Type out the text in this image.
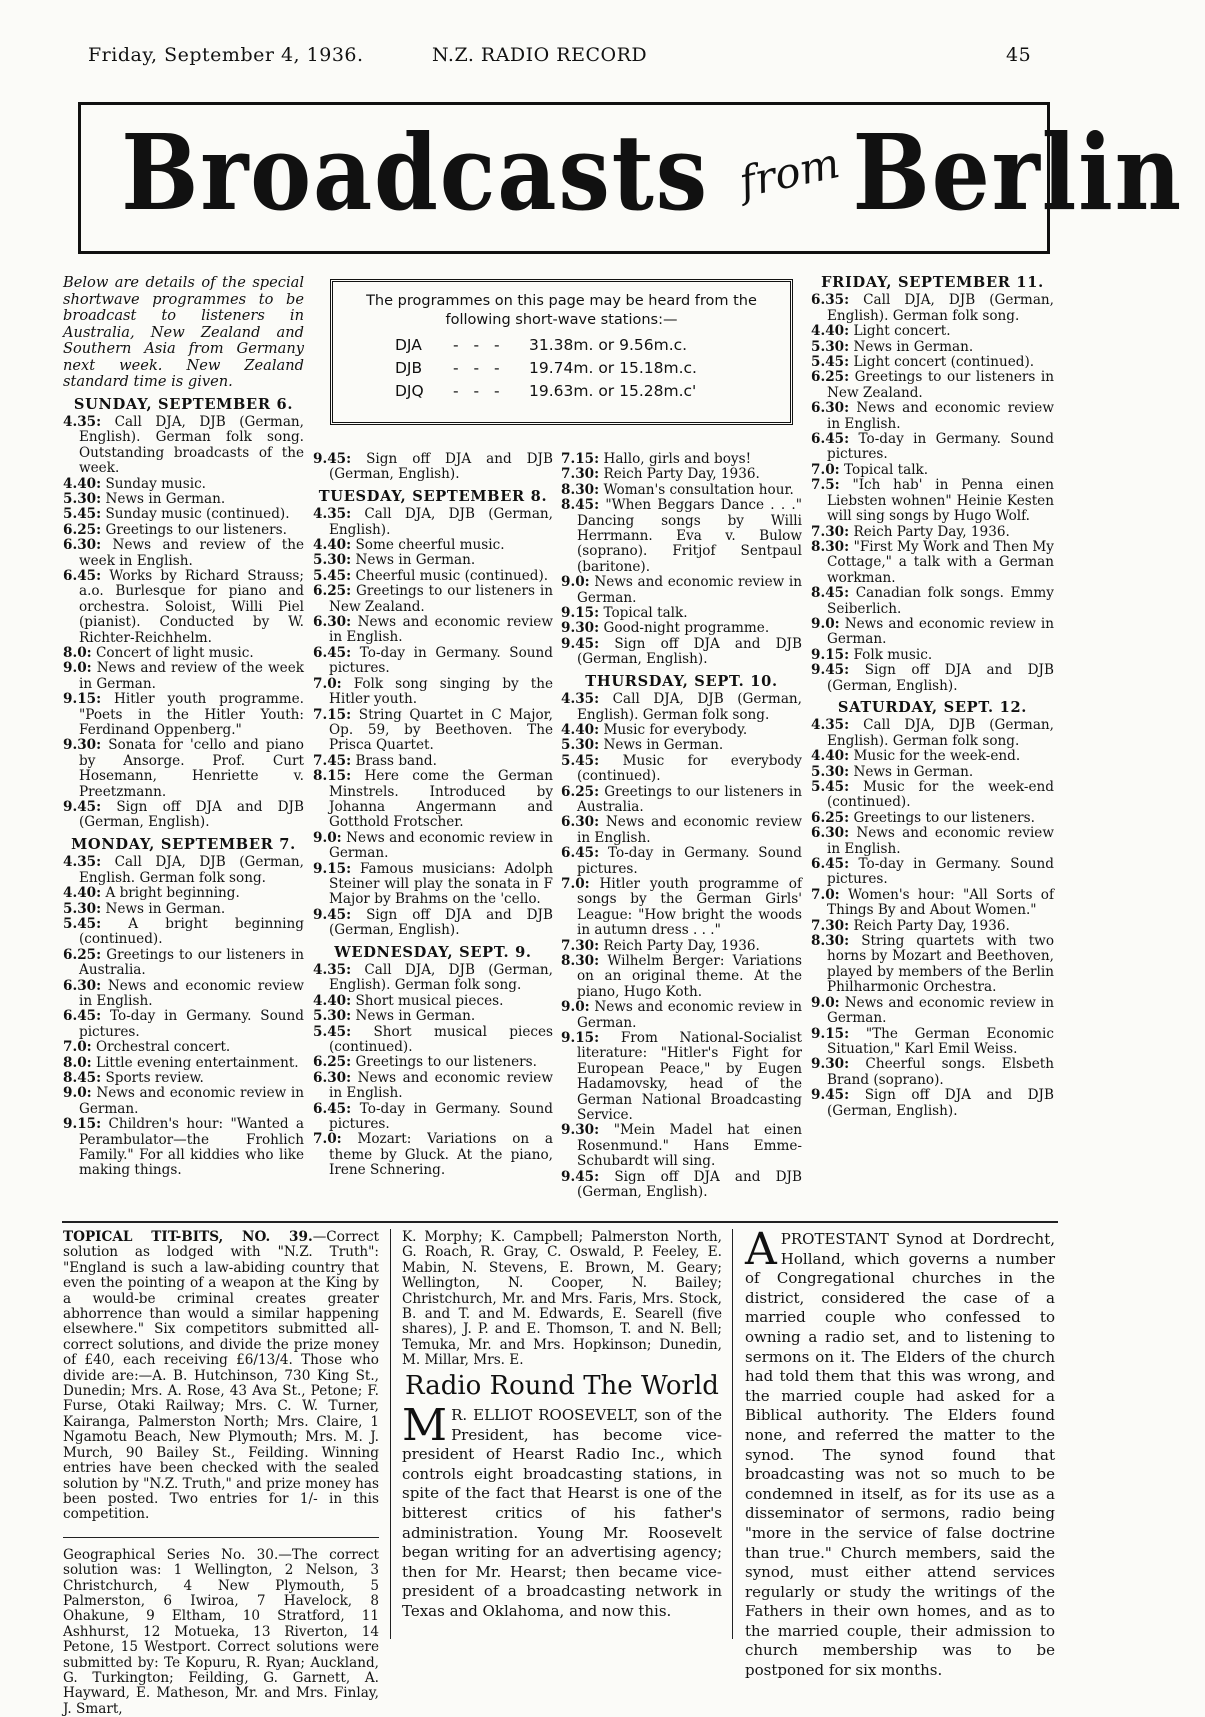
Friday, September 4, 1936.	N.Z. RADIO RECORD	45
Broadcasts fromBerlin
The programmes on this page may be heard from the following short-wave stations:—
DJA - - - 31.38m. or 9.56m.c.
DJB - - - 19.74m. or 15.18m.c.
DJQ - - - 19.63m. or 15.28m.c'
Below are details of the special shortwave programmes to be broadcast to listeners in Australia, New Zealand and Southern Asia from Germany next week. New Zealand standard time is given.
SUNDAY, SEPTEMBER 6.

4.35: Call DJA, DJB (German, English). German folk song. Outstanding broadcasts of the week.

4.40: Sunday music.

5.30: News in German.

5.45: Sunday music (continued).

6.25: Greetings to our listeners.

6.30: News and review of the week in English.

6.45: Works by Richard Strauss; a.o. Burlesque for piano and orchestra. Soloist, Willi Piel (pianist). Conducted by W. Richter-Reichhelm.

8.0: Concert of light music.

9.0: News and review of the week in German.

9.15: Hitler youth programme. "Poets in the Hitler Youth: Ferdinand Oppenberg."

9.30: Sonata for 'cello and piano by Ansorge. Prof. Curt Hosemann, Henriette v. Preetzmann.

9.45: Sign off DJA and DJB (German, English).

MONDAY, SEPTEMBER 7.

4.35: Call DJA, DJB (German, English. German folk song.

4.40: A bright beginning.

5.30: News in German.

5.45: A bright beginning (continued).

6.25: Greetings to our listeners in Australia.

6.30: News and economic review in English.

6.45: To-day in Germany. Sound pictures.

7.0: Orchestral concert.

8.0: Little evening entertainment.

8.45: Sports review.

9.0: News and economic review in German.

9.15: Children's hour: "Wanted a Perambulator—the Frohlich Family." For all kiddies who like making things.

9.45: Sign off DJA and DJB (German, English).

TUESDAY, SEPTEMBER 8.

4.35: Call DJA, DJB (German, English).

4.40: Some cheerful music.

5.30: News in German.

5.45: Cheerful music (continued).

6.25: Greetings to our listeners in New Zealand.

6.30: News and economic review in English.

6.45: To-day in Germany. Sound pictures.

7.0: Folk song singing by the Hitler youth.

7.15: String Quartet in C Major, Op. 59, by Beethoven. The Prisca Quartet.

7.45: Brass band.

8.15: Here come the German Minstrels. Introduced by Johanna Angermann and Gotthold Frotscher.

9.0: News and economic review in German.

9.15: Famous musicians: Adolph Steiner will play the sonata in F Major by Brahms on the 'cello.

9.45: Sign off DJA and DJB (German, English).

WEDNESDAY, SEPT. 9.

4.35: Call DJA, DJB (German, English). German folk song.

4.40: Short musical pieces.

5.30: News in German.

5.45: Short musical pieces (continued).

6.25: Greetings to our listeners.

6.30: News and economic review in English.

6.45: To-day in Germany. Sound pictures.

7.0: Mozart: Variations on a theme by Gluck. At the piano, Irene Schnering.

7.15: Hallo, girls and boys!

7.30: Reich Party Day, 1936.

8.30: Woman's consultation hour.

8.45: "When Beggars Dance . . ." Dancing songs by Willi Herrmann. Eva v. Bulow (soprano). Fritjof Sentpaul (baritone).

9.0: News and economic review in German.

9.15: Topical talk.

9.30: Good-night programme.

9.45: Sign off DJA and DJB (German, English).

THURSDAY, SEPT. 10.

4.35: Call DJA, DJB (German, English). German folk song.

4.40: Music for everybody.

5.30: News in German.

5.45: Music for everybody (continued).

6.25: Greetings to our listeners in Australia.

6.30: News and economic review in English.

6.45: To-day in Germany. Sound pictures.

7.0: Hitler youth programme of songs by the German Girls' League: "How bright the woods in autumn dress . . ."

7.30: Reich Party Day, 1936.

8.30: Wilhelm Berger: Variations on an original theme. At the piano, Hugo Koth.

9.0: News and economic review in German.

9.15: From National-Socialist literature: "Hitler's Fight for European Peace," by Eugen Hadamovsky, head of the German National Broadcasting Service.

9.30: "Mein Madel hat einen Rosenmund." Hans Emme-Schubardt will sing.

9.45: Sign off DJA and DJB (German, English).

FRIDAY, SEPTEMBER 11.

6.35: Call DJA, DJB (German, English). German folk song.

4.40: Light concert.

5.30: News in German.

5.45: Light concert (continued).

6.25: Greetings to our listeners in New Zealand.

6.30: News and economic review in English.

6.45: To-day in Germany. Sound pictures.

7.0: Topical talk.

7.5: "Ich hab' in Penna einen Liebsten wohnen" Heinie Kesten will sing songs by Hugo Wolf.

7.30: Reich Party Day, 1936.

8.30: "First My Work and Then My Cottage," a talk with a German workman.

8.45: Canadian folk songs. Emmy Seiberlich.

9.0: News and economic review in German.

9.15: Folk music.

9.45: Sign off DJA and DJB (German, English).

SATURDAY, SEPT. 12.

4.35: Call DJA, DJB (German, English). German folk song.

4.40: Music for the week-end.

5.30: News in German.

5.45: Music for the week-end (continued).

6.25: Greetings to our listeners.

6.30: News and economic review in English.

6.45: To-day in Germany. Sound pictures.

7.0: Women's hour: "All Sorts of Things By and About Women."

7.30: Reich Party Day, 1936.

8.30: String quartets with two horns by Mozart and Beethoven, played by members of the Berlin Philharmonic Orchestra.

9.0: News and economic review in German.

9.15: "The German Economic Situation," Karl Emil Weiss.

9.30: Cheerful songs. Elsbeth Brand (soprano).

9.45: Sign off DJA and DJB (German, English).

TOPICAL TIT-BITS, NO. 39.—Correct solution as lodged with "N.Z. Truth": "England is such a law-abiding country that even the pointing of a weapon at the King by a would-be criminal creates greater abhorrence than would a similar happening elsewhere." Six competitors submitted all-correct solutions, and divide the prize money of £40, each receiving £6/13/4. Those who divide are:—A. B. Hutchinson, 730 King St., Dunedin; Mrs. A. Rose, 43 Ava St., Petone; F. Furse, Otaki Railway; Mrs. C. W. Turner, Kairanga, Palmerston North; Mrs. Claire, 1 Ngamotu Beach, New Plymouth; Mrs. M. J. Murch, 90 Bailey St., Feilding. Winning entries have been checked with the sealed solution by "N.Z. Truth," and prize money has been posted. Two entries for 1/- in this competition.

Geographical Series No. 30.—The correct solution was: 1 Wellington, 2 Nelson, 3 Christchurch, 4 New Plymouth, 5 Palmerston, 6 Iwiroa, 7 Havelock, 8 Ohakune, 9 Eltham, 10 Stratford, 11 Ashhurst, 12 Motueka, 13 Riverton, 14 Petone, 15 Westport. Correct solutions were submitted by: Te Kopuru, R. Ryan; Auckland, G. Turkington; Feilding, G. Garnett, A. Hayward, E. Matheson, Mr. and Mrs. Finlay, J. Smart,

K. Morphy; K. Campbell; Palmerston North, G. Roach, R. Gray, C. Oswald, P. Feeley, E. Mabin, N. Stevens, E. Brown, M. Geary; Wellington, N. Cooper, N. Bailey; Christchurch, Mr. and Mrs. Faris, Mrs. Stock, B. and T. and M. Edwards, E. Searell (five shares), J. P. and E. Thomson, T. and N. Bell; Temuka, Mr. and Mrs. Hopkinson; Dunedin, M. Millar, Mrs. E.

Radio Round The World

M R. ELLIOT ROOSEVELT, son of the President, has become vice-president of Hearst Radio Inc., which controls eight broadcasting stations, in spite of the fact that Hearst is one of the bitterest critics of his father's administration. Young Mr. Roosevelt began writing for an advertising agency; then for Mr. Hearst; then became vice-president of a broadcasting network in Texas and Oklahoma, and now this.

APROTESTANT Synod at Dordrecht, Holland, which governs a number of Congregational churches in the district, considered the case of a married couple who confessed to owning a radio set, and to listening to sermons on it. The Elders of the church had told them that this was wrong, and the married couple had asked for a Biblical authority. The Elders found none, and referred the matter to the synod. The synod found that broadcasting was not so much to be condemned in itself, as for its use as a disseminator of sermons, radio being "more in the service of false doctrine than true." Church members, said the synod, must either attend services regularly or study the writings of the Fathers in their own homes, and as to the married couple, their admission to church membership was to be postponed for six months.
